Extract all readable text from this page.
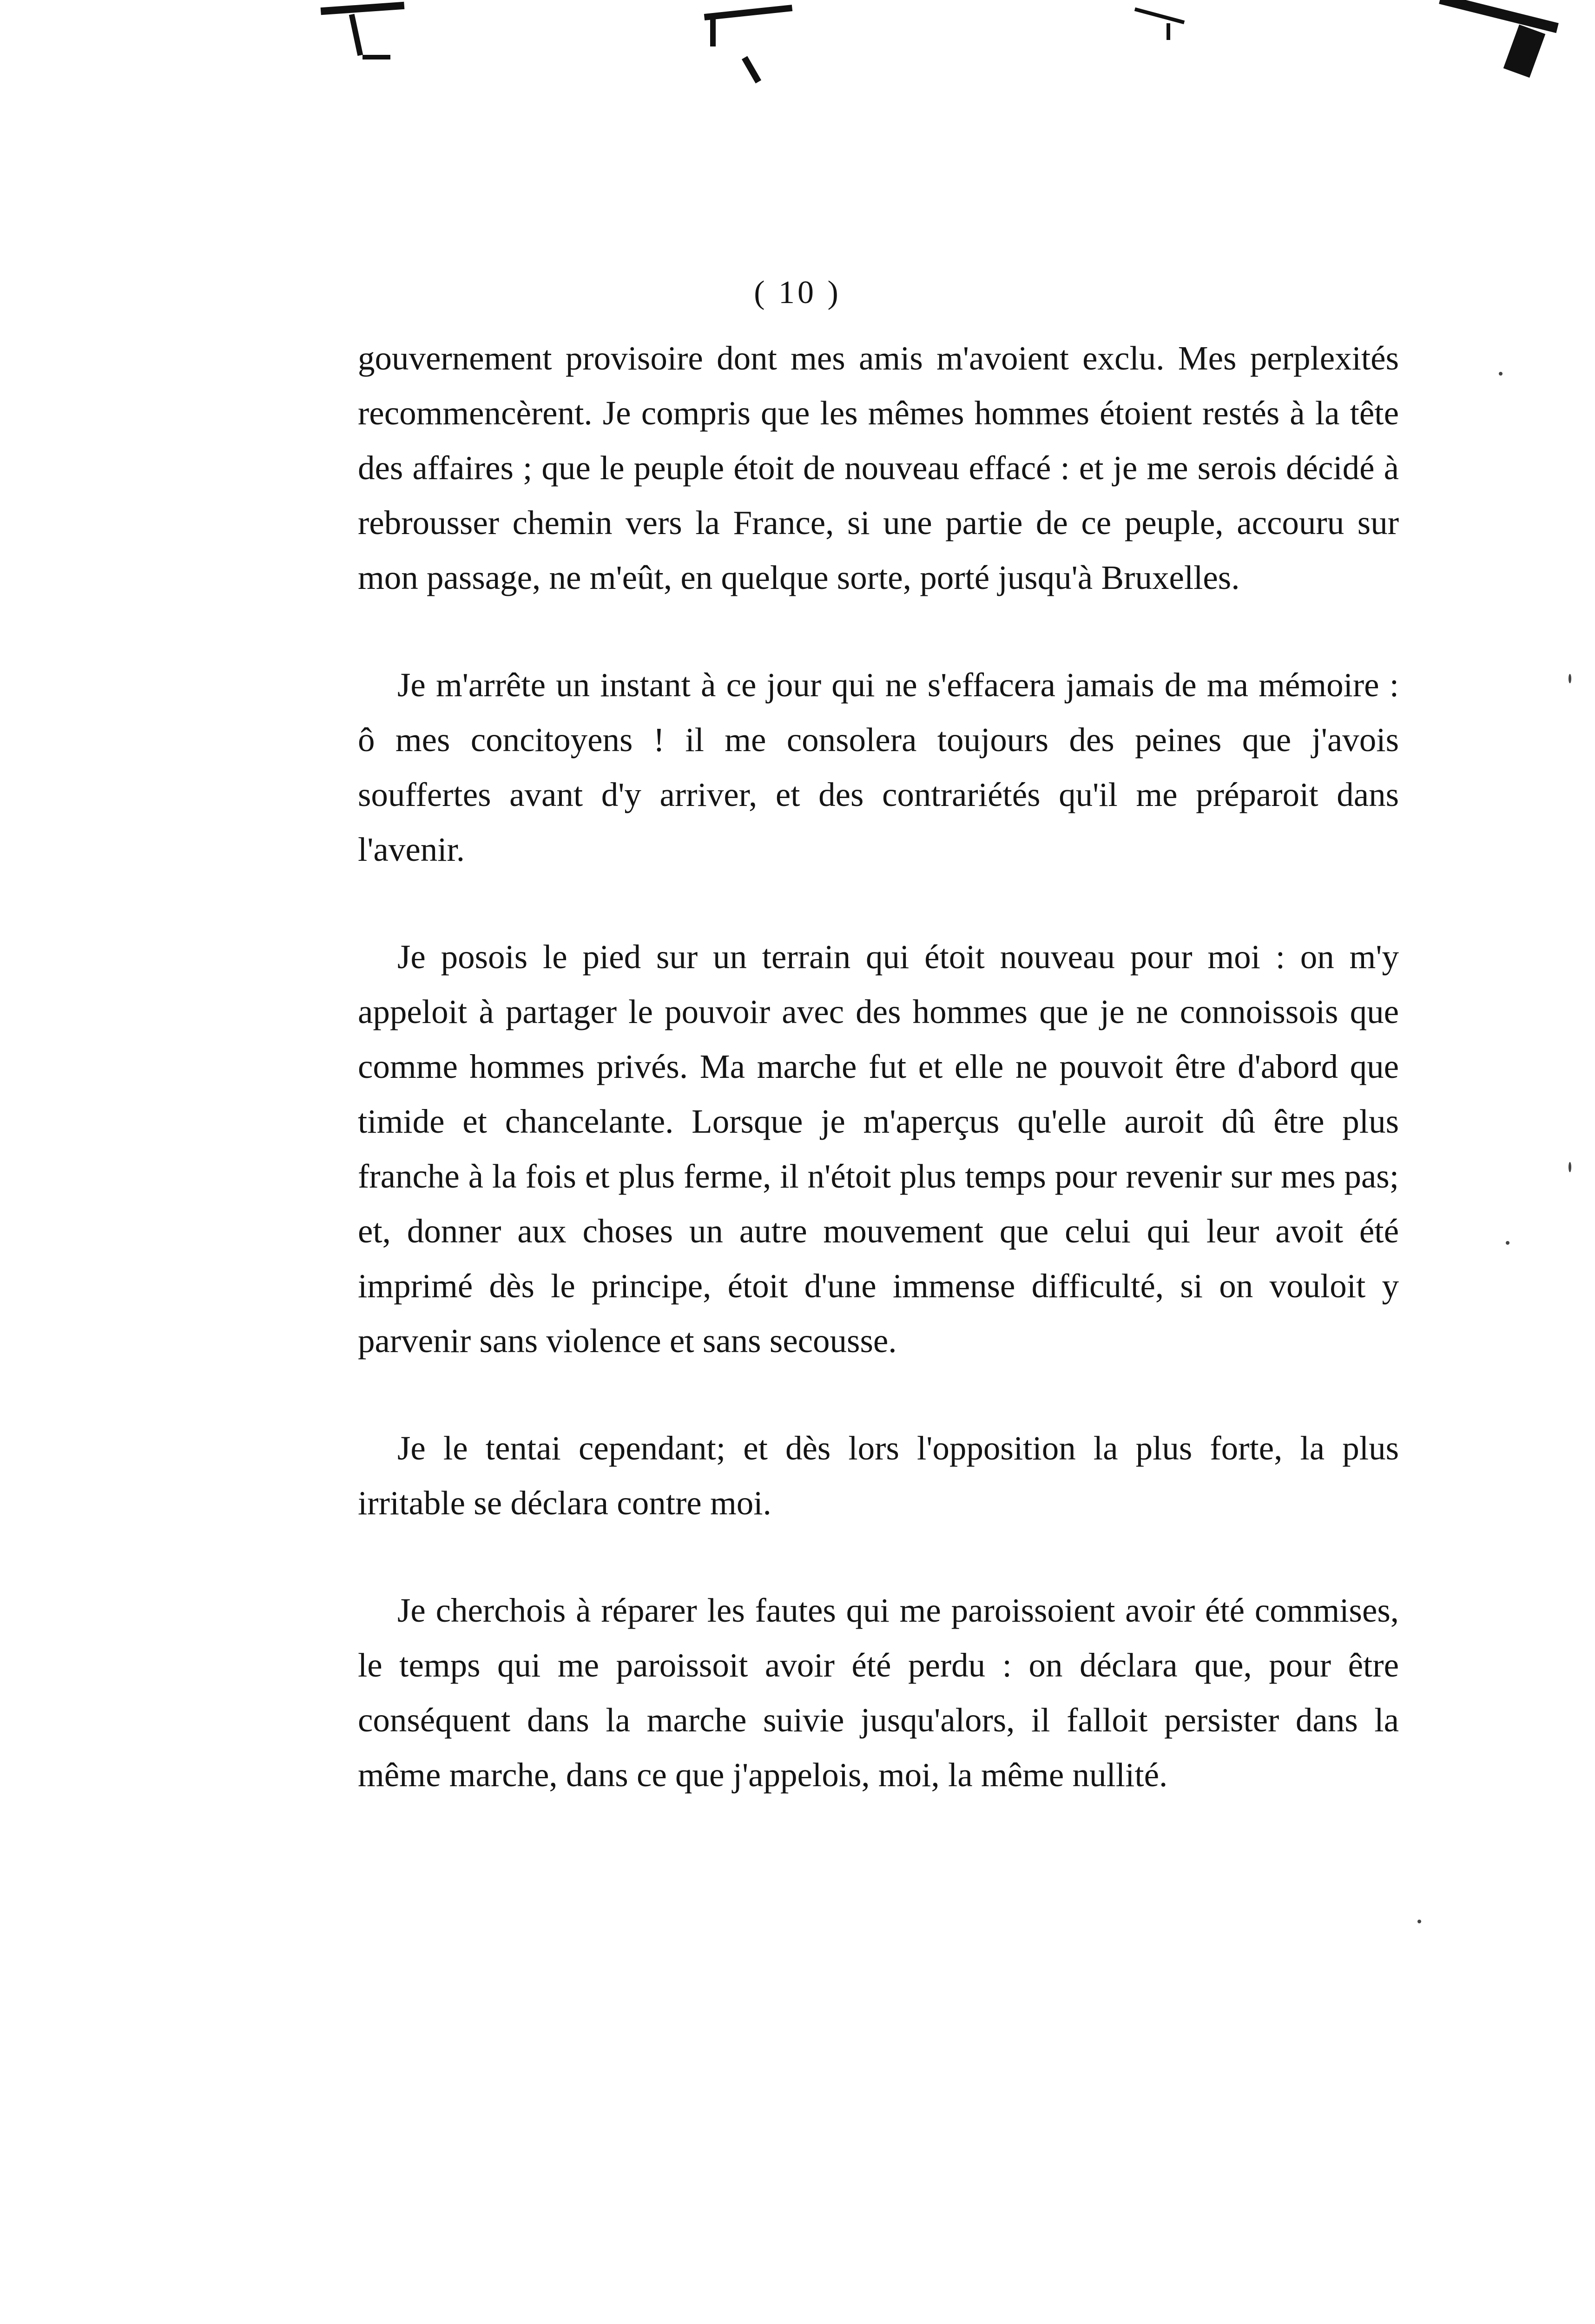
( 10 )

gouvernement provisoire dont mes amis m'avoient exclu. Mes perplexités recommencèrent. Je compris que les mêmes hommes étoient restés à la tête des affaires ; que le peuple étoit de nouveau effacé : et je me serois décidé à rebrousser chemin vers la France, si une partie de ce peuple, accouru sur mon passage, ne m'eût, en quelque sorte, porté jusqu'à Bruxelles.

Je m'arrête un instant à ce jour qui ne s'effacera jamais de ma mémoire : ô mes concitoyens ! il me consolera toujours des peines que j'avois souffertes avant d'y arriver, et des contrariétés qu'il me préparoit dans l'avenir.

Je posois le pied sur un terrain qui étoit nouveau pour moi : on m'y appeloit à partager le pouvoir avec des hommes que je ne connoissois que comme hommes privés. Ma marche fut et elle ne pouvoit être d'abord que timide et chancelante. Lorsque je m'aperçus qu'elle auroit dû être plus franche à la fois et plus ferme, il n'étoit plus temps pour revenir sur mes pas; et, donner aux choses un autre mouvement que celui qui leur avoit été imprimé dès le principe, étoit d'une immense difficulté, si on vouloit y parvenir sans violence et sans secousse.

Je le tentai cependant; et dès lors l'opposition la plus forte, la plus irritable se déclara contre moi.

Je cherchois à réparer les fautes qui me paroissoient avoir été commises, le temps qui me paroissoit avoir été perdu : on déclara que, pour être conséquent dans la marche suivie jusqu'alors, il falloit persister dans la même marche, dans ce que j'appelois, moi, la même nullité.
